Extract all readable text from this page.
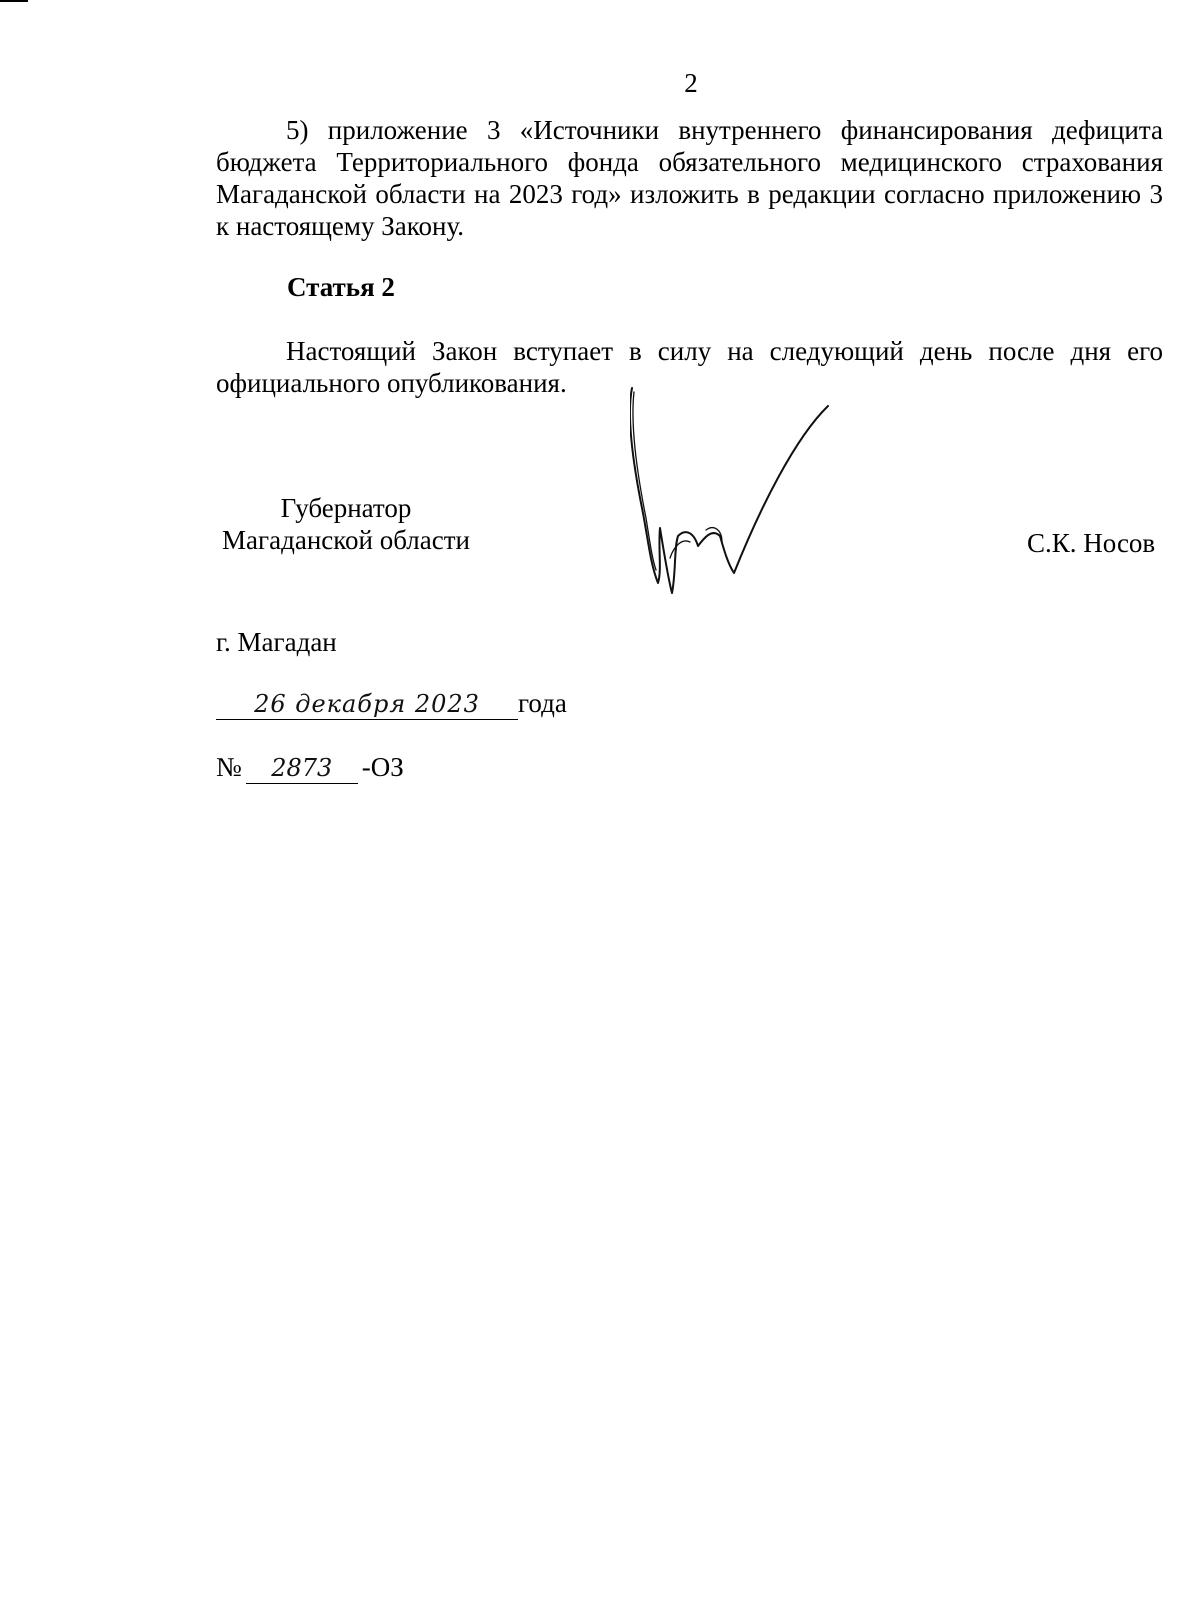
2
5) приложение 3 «Источники внутреннего финансирования дефицита бюджета Территориального фонда обязательного медицинского страхования Магаданской области на 2023 год» изложить в редакции согласно приложению 3 к настоящему Закону.
Статья 2
Настоящий Закон вступает в силу на следующий день после дня его официального опубликования.
Губернатор
Магаданской области	С.К. Носов
г. Магадан
26 декабря 2023 года
№ 2873 -ОЗ
